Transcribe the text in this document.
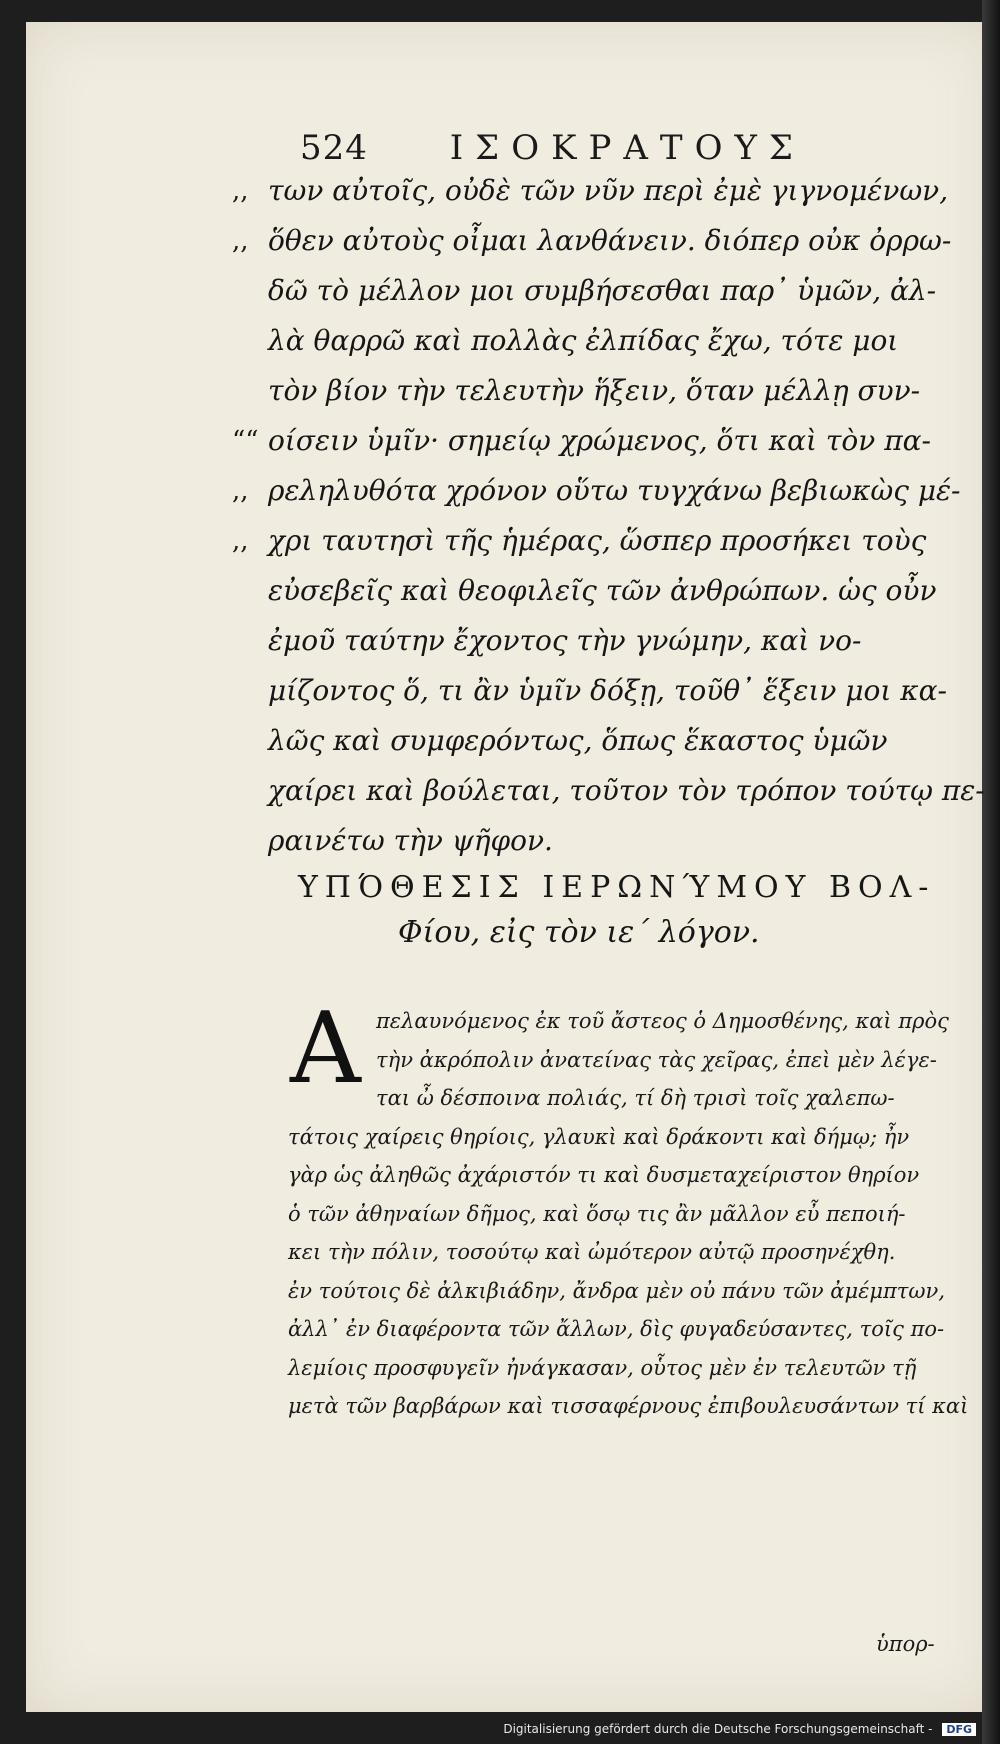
524 ΙΣΟΚΡΑΤΟΥΣ
,, των αὐτοῖς, οὐδὲ τῶν νῦν περὶ ἐμὲ γιγνομένων,
,, ὅθεν αὐτοὺς οἶμαι λανθάνειν. διόπερ οὐκ ὀρρω-
δῶ τὸ μέλλον μοι συμβήσεσθαι παρ᾽ ὑμῶν, ἀλ-
λὰ θαρρῶ καὶ πολλὰς ἐλπίδας ἔχω, τότε μοι
τὸν βίον τὴν τελευτὴν ἥξειν, ὅταν μέλλῃ συν-
““ οίσειν ὑμῖν· σημείῳ χρώμενος, ὅτι καὶ τὸν πα-
,, ρεληλυθότα χρόνον οὕτω τυγχάνω βεβιωκὼς μέ-
,, χρι ταυτησὶ τῆς ἡμέρας, ὥσπερ προσήκει τοὺς
εὐσεβεῖς καὶ θεοφιλεῖς τῶν ἀνθρώπων. ὡς οὖν
ἐμοῦ ταύτην ἔχοντος τὴν γνώμην, καὶ νο-
μίζοντος ὅ, τι ἂν ὑμῖν δόξῃ, τοῦθ᾽ ἕξειν μοι κα-
λῶς καὶ συμφερόντως, ὅπως ἕκαστος ὑμῶν
χαίρει καὶ βούλεται, τοῦτον τὸν τρόπον τούτῳ πε-
ραινέτω τὴν ψῆφον.
ΥΠΌΘΕΣΙΣ ΙΕΡΩΝΎΜΟΥ ΒΟΛ-
Φίου, εἰς τὸν ιε΄ λόγον.
Α πελαυνόμενος ἐκ τοῦ ἄστεος ὁ Δημοσθένης, καὶ πρὸς
τὴν ἀκρόπολιν ἀνατείνας τὰς χεῖρας, ἐπεὶ μὲν λέγε-
ται ὦ δέσποινα πολιάς, τί δὴ τρισὶ τοῖς χαλεπω-
τάτοις χαίρεις θηρίοις, γλαυκὶ καὶ δράκοντι καὶ δήμῳ; ἦν
γὰρ ὡς ἀληθῶς ἀχάριστόν τι καὶ δυσμεταχείριστον θηρίον
ὁ τῶν ἀθηναίων δῆμος, καὶ ὅσῳ τις ἂν μᾶλλον εὖ πεποιή-
κει τὴν πόλιν, τοσούτῳ καὶ ὠμότερον αὐτῷ προσηνέχθη.
ἐν τούτοις δὲ ἀλκιβιάδην, ἄνδρα μὲν οὐ πάνυ τῶν ἀμέμπτων,
ἀλλ᾽ ἐν διαφέροντα τῶν ἄλλων, δὶς φυγαδεύσαντες, τοῖς πο-
λεμίοις προσφυγεῖν ἠνάγκασαν, οὗτος μὲν ἐν τελευτῶν τῇ
μετὰ τῶν βαρβάρων καὶ τισσαφέρνους ἐπιβουλευσάντων τί καὶ
ὑπορ-
Digitalisierung gefördert durch die Deutsche Forschungsgemeinschaft - DFG
